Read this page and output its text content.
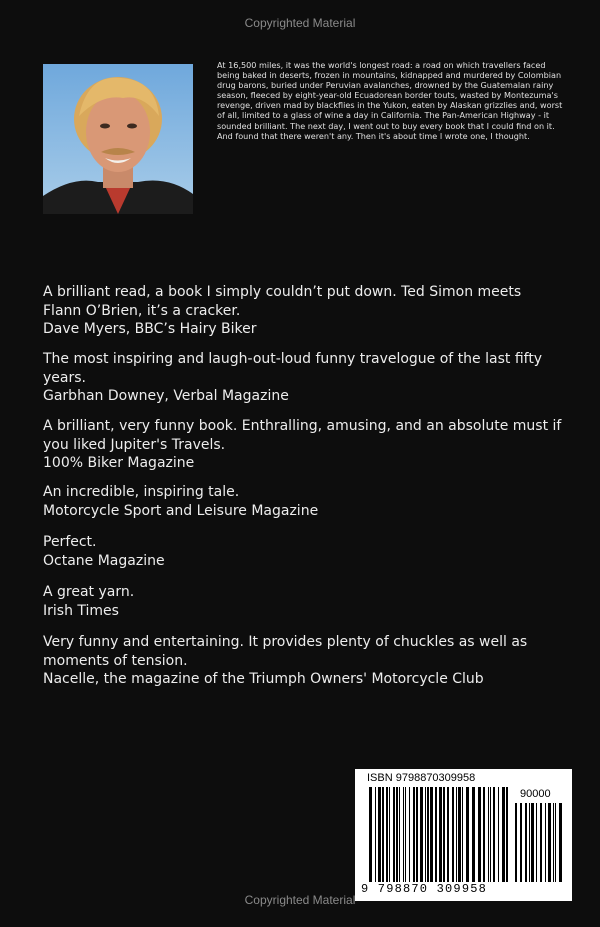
Copyrighted Material

At 16,500 miles, it was the world's longest road: a road on which travellers faced being baked in deserts, frozen in mountains, kidnapped and murdered by Colombian drug barons, buried under Peruvian avalanches, drowned by the Guatemalan rainy season, fleeced by eight-year-old Ecuadorean border touts, wasted by Montezuma's revenge, driven mad by blackflies in the Yukon, eaten by Alaskan grizzlies and, worst of all, limited to a glass of wine a day in California. The Pan-American Highway - it sounded brilliant. The next day, I went out to buy every book that I could find on it. And found that there weren't any. Then it's about time I wrote one, I thought.

A brilliant read, a book I simply couldn’t put down. Ted Simon meets Flann O’Brien, it’s a cracker.
Dave Myers, BBC’s Hairy Biker

The most inspiring and laugh-out-loud funny travelogue of the last fifty years.
Garbhan Downey, Verbal Magazine

A brilliant, very funny book. Enthralling, amusing, and an absolute must if you liked Jupiter's Travels.
100% Biker Magazine

An incredible, inspiring tale.
Motorcycle Sport and Leisure Magazine

Perfect.
Octane Magazine

A great yarn.
Irish Times

Very funny and entertaining. It provides plenty of chuckles as well as moments of tension.
Nacelle, the magazine of the Triumph Owners' Motorcycle Club

ISBN 9798870309958
90000
9 798870 309958
Copyrighted Material
